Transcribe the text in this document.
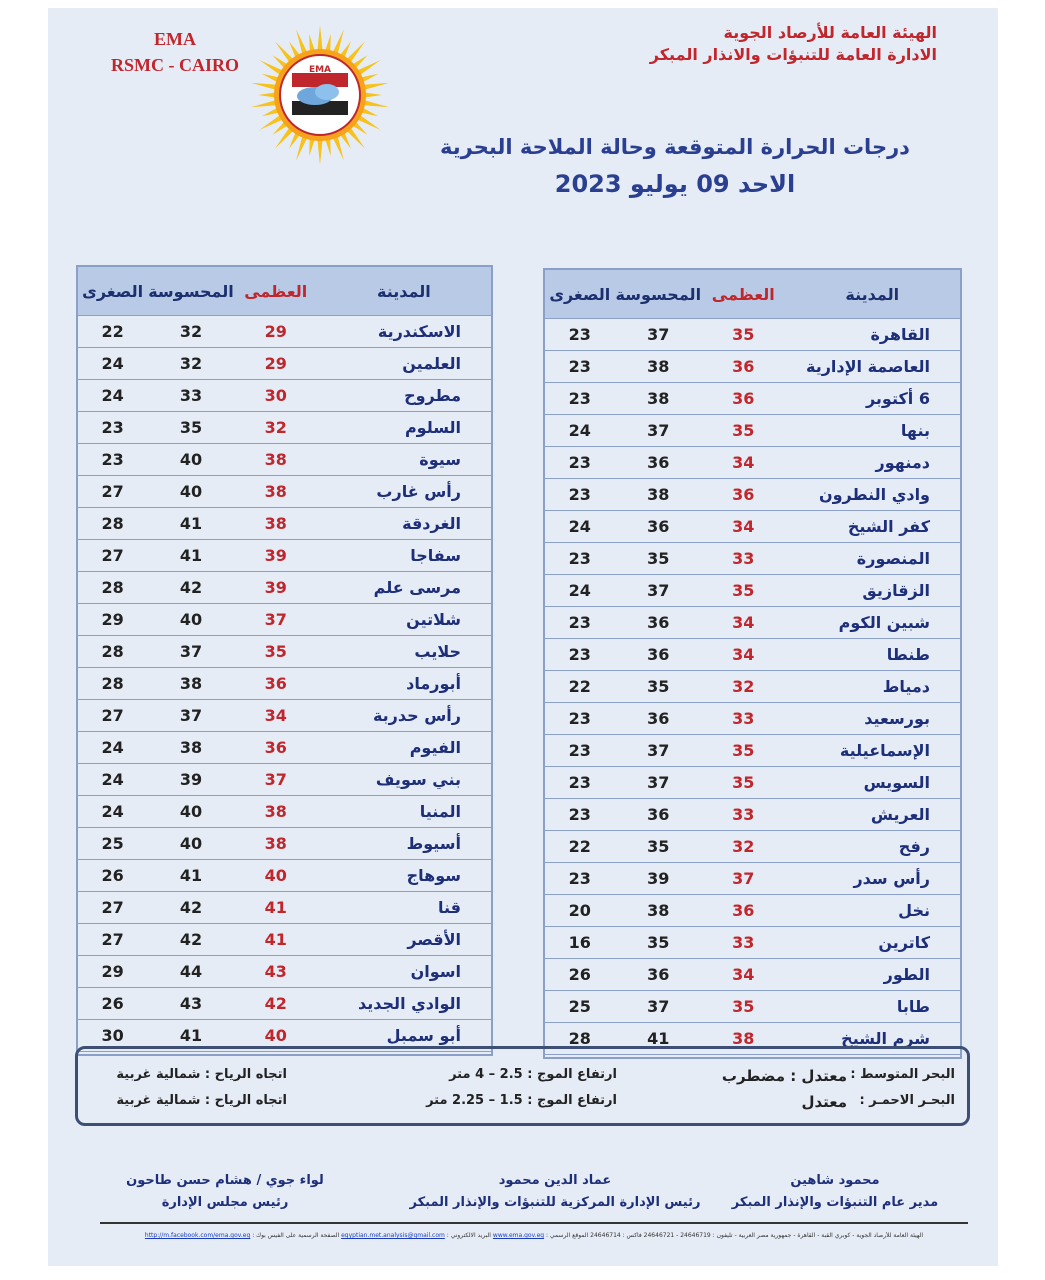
الهيئة العامة للأرصاد الجوية
الادارة العامة للتنبؤات والانذار المبكر
EMA
RSMC - CAIRO	EMA
درجات الحرارة المتوقعة وحالة الملاحة البحرية
الاحد 09 يوليو 2023
المدينة	العظمى	المحسوسة	الصغرى
القاهرة	35	37	23
العاصمة الإدارية	36	38	23
6 أكتوبر	36	38	23
بنها	35	37	24
دمنهور	34	36	23
وادي النطرون	36	38	23
كفر الشيخ	34	36	24
المنصورة	33	35	23
الزقازيق	35	37	24
شبين الكوم	34	36	23
طنطا	34	36	23
دمياط	32	35	22
بورسعيد	33	36	23
الإسماعيلية	35	37	23
السويس	35	37	23
العريش	33	36	23
رفح	32	35	22
رأس سدر	37	39	23
نخل	36	38	20
كاترين	33	35	16
الطور	34	36	26
طابا	35	37	25
شرم الشيخ	38	41	28

المدينة	العظمى	المحسوسة	الصغرى
الاسكندرية	29	32	22
العلمين	29	32	24
مطروح	30	33	24
السلوم	32	35	23
سيوة	38	40	23
رأس غارب	38	40	27
الغردقة	38	41	28
سفاجا	39	41	27
مرسى علم	39	42	28
شلاتين	37	40	29
حلايب	35	37	28
أبورماد	36	38	28
رأس حدربة	34	37	27
الفيوم	36	38	24
بني سويف	37	39	24
المنيا	38	40	24
أسيوط	38	40	25
سوهاج	40	41	26
قنا	41	42	27
الأقصر	41	42	27
اسوان	43	44	29
الوادي الجديد	42	43	26
أبو سمبل	40	41	30

البحر المتوسط :
معتدل : مضطرب
ارتفاع الموج : 2.5 – 4 متر
اتجاه الرياح : شمالية غربية
البحـر الاحمـر :
معتدل
ارتفاع الموج : 1.5 – 2.25 متر
اتجاه الرياح : شمالية غربية
محمود شاهين
مدير عام التنبؤات والإنذار المبكر
عماد الدين محمود
رئيس الإدارة المركزية للتنبؤات والإنذار المبكر
لواء جوي / هشام حسن طاحون
رئيس مجلس الإدارة
الهيئة العامة للأرصاد الجوية - كوبري القبة - القاهرة - جمهورية مصر العربية - تليفون : 24646719 - 24646721 فاكس : 24646714 الموقع الرسمي : www.ema.gov.eg البريد الالكتروني : egyptian.met.analysis@gmail.com الصفحة الرسمية على الفيس بوك : http://m.facebook.com/ema.gov.eg
